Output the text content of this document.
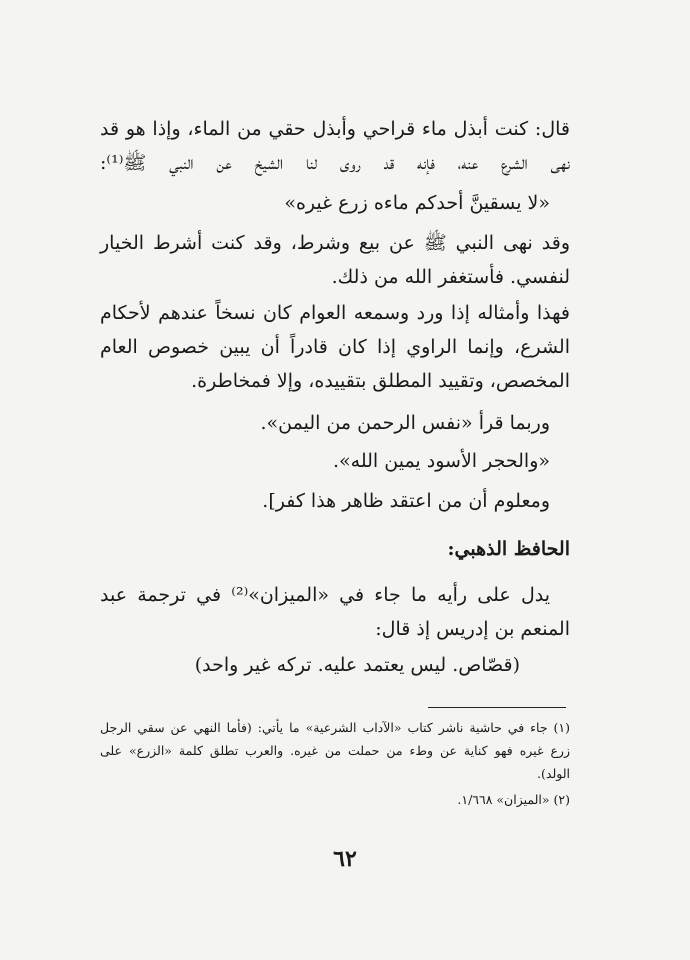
قال: كنت أبذل ماء قراحي وأبذل حقي من الماء، وإذا هو قد
نهى الشرع عنه، فإنه قد روى لنا الشيخ عن النبي ﷺ⁽¹⁾:
«لا يسقينَّ أحدكم ماءه زرع غيره»
وقد نهى النبي ﷺ عن بيع وشرط، وقد كنت أشرط الخيار
لنفسي. فأستغفر الله من ذلك.
فهذا وأمثاله إذا ورد وسمعه العوام كان نسخاً عندهم لأحكام
الشرع، وإنما الراوي إذا كان قادراً أن يبين خصوص العام
المخصص، وتقييد المطلق بتقييده، وإلا فمخاطرة.
وربما قرأ «نفس الرحمن من اليمن».
«والحجر الأسود يمين الله».
ومعلوم أن من اعتقد ظاهر هذا كفر].
الحافظ الذهبي:
يدل على رأيه ما جاء في «الميزان»⁽²⁾ في ترجمة عبد
المنعم بن إدريس إذ قال:
(قصّاص. ليس يعتمد عليه. تركه غير واحد)
(١) جاء في حاشية ناشر كتاب «الآداب الشرعية» ما يأتي: (فأما النهي عن سقي الرجل
زرع غيره فهو كناية عن وطء من حملت من غيره. والعرب تطلق كلمة «الزرع» على
الولد).
(٢) «الميزان» ١/٦٦٨.
٦٢
